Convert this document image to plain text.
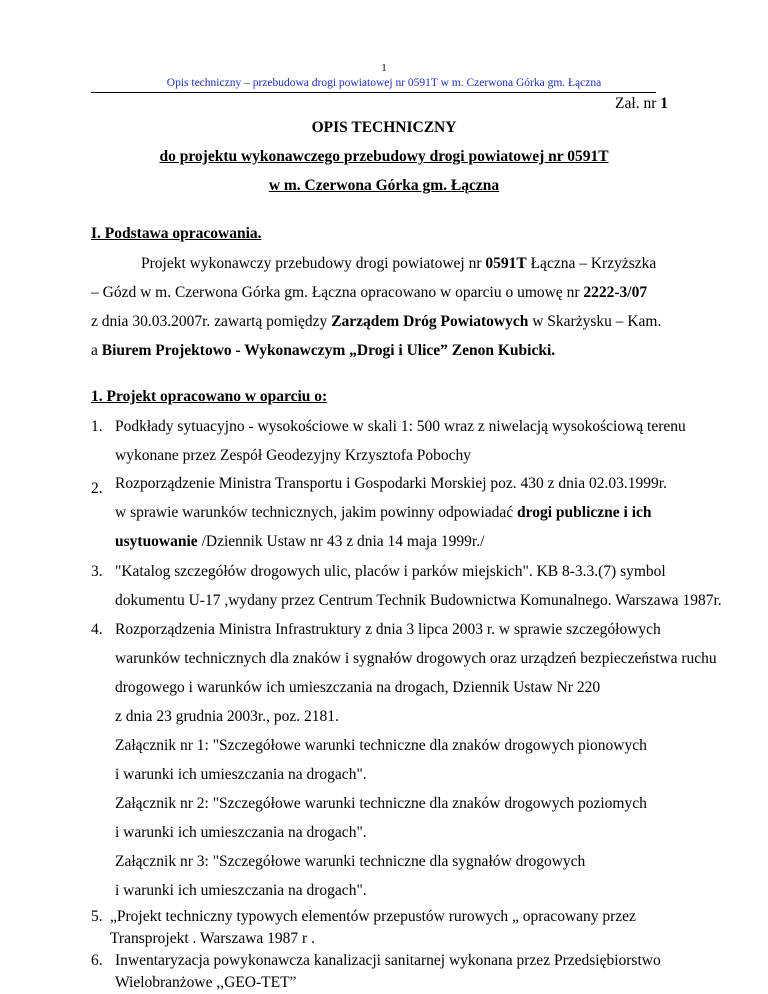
1
Opis techniczny – przebudowa drogi powiatowej nr 0591T w m. Czerwona Górka gm. Łączna
Zał. nr 1
OPIS TECHNICZNY
do projektu wykonawczego przebudowy drogi powiatowej nr 0591T
w m. Czerwona Górka gm. Łączna
I. Podstawa opracowania.
Projekt wykonawczy przebudowy drogi powiatowej nr 0591T Łączna – Krzyższka
– Gózd w m. Czerwona Górka gm. Łączna opracowano w oparciu o umowę nr 2222-3/07
z dnia 30.03.2007r. zawartą pomiędzy Zarządem Dróg Powiatowych w Skarżysku – Kam.
a Biurem Projektowo - Wykonawczym „Drogi i Ulice” Zenon Kubicki.
1. Projekt opracowano w oparciu o:
1. Podkłady sytuacyjno - wysokościowe w skali 1: 500 wraz z niwelacją wysokościową terenu
wykonane przez Zespół Geodezyjny Krzysztofa Pobochy
2. Rozporządzenie Ministra Transportu i Gospodarki Morskiej poz. 430 z dnia 02.03.1999r.
w sprawie warunków technicznych, jakim powinny odpowiadać drogi publiczne i ich
usytuowanie /Dziennik Ustaw nr 43 z dnia 14 maja 1999r./
3. "Katalog szczegółów drogowych ulic, placów i parków miejskich". KB 8-3.3.(7) symbol
dokumentu U-17 ,wydany przez Centrum Technik Budownictwa Komunalnego. Warszawa 1987r.
4. Rozporządzenia Ministra Infrastruktury z dnia 3 lipca 2003 r. w sprawie szczegółowych
warunków technicznych dla znaków i sygnałów drogowych oraz urządzeń bezpieczeństwa ruchu
drogowego i warunków ich umieszczania na drogach, Dziennik Ustaw Nr 220
z dnia 23 grudnia 2003r., poz. 2181.
Załącznik nr 1: "Szczegółowe warunki techniczne dla znaków drogowych pionowych
i warunki ich umieszczania na drogach".
Załącznik nr 2: "Szczegółowe warunki techniczne dla znaków drogowych poziomych
i warunki ich umieszczania na drogach".
Załącznik nr 3: "Szczegółowe warunki techniczne dla sygnałów drogowych
i warunki ich umieszczania na drogach".
5. „Projekt techniczny typowych elementów przepustów rurowych „ opracowany przez
Transprojekt . Warszawa 1987 r .
6. Inwentaryzacja powykonawcza kanalizacji sanitarnej wykonana przez Przedsiębiorstwo
Wielobranżowe ,,GEO-TET”
